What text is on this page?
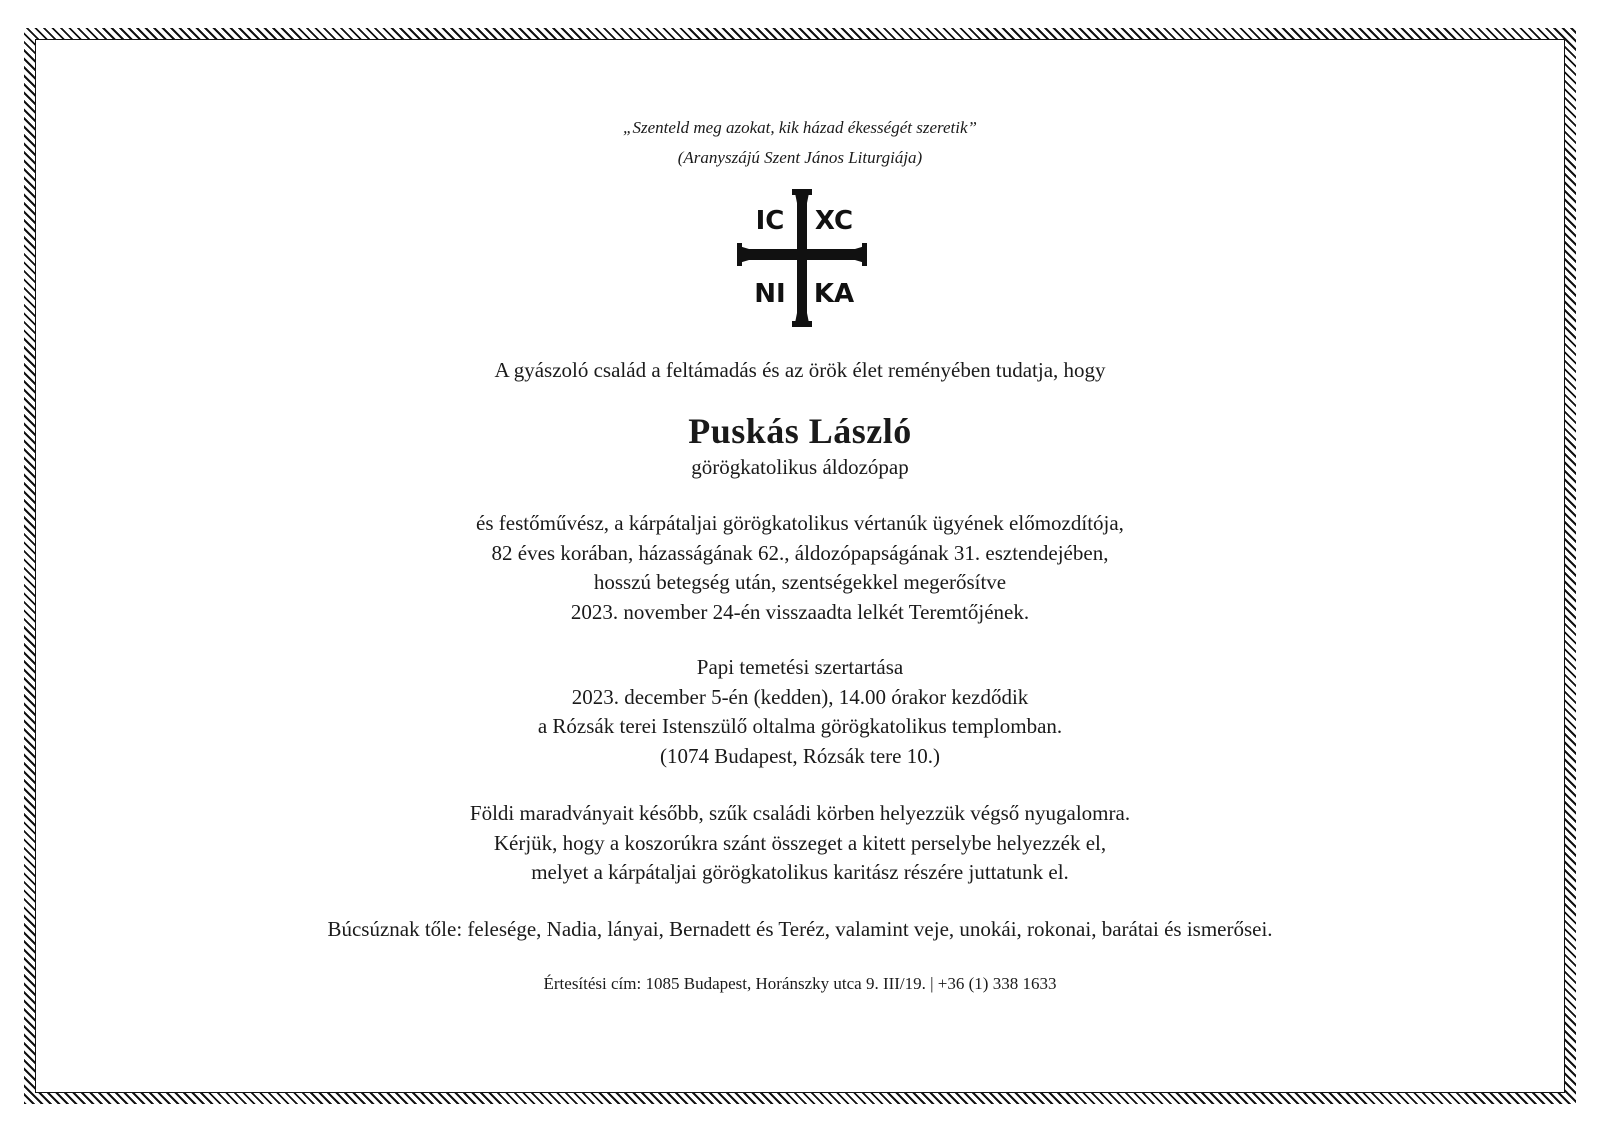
„Szenteld meg azokat, kik házad ékességét szeretik”
(Aranyszájú Szent János Liturgiája)
IC XC
NI KA
A gyászoló család a feltámadás és az örök élet reményében tudatja, hogy
Puskás László
görögkatolikus áldozópap
és festőművész, a kárpátaljai görögkatolikus vértanúk ügyének előmozdítója,
82 éves korában, házasságának 62., áldozópapságának 31. esztendejében,
hosszú betegség után, szentségekkel megerősítve
2023. november 24-én visszaadta lelkét Teremtőjének.
Papi temetési szertartása
2023. december 5-én (kedden), 14.00 órakor kezdődik
a Rózsák terei Istenszülő oltalma görögkatolikus templomban.
(1074 Budapest, Rózsák tere 10.)
Földi maradványait később, szűk családi körben helyezzük végső nyugalomra.
Kérjük, hogy a koszorúkra szánt összeget a kitett perselybe helyezzék el,
melyet a kárpátaljai görögkatolikus karitász részére juttatunk el.
Búcsúznak tőle: felesége, Nadia, lányai, Bernadett és Teréz, valamint veje, unokái, rokonai, barátai és ismerősei.
Értesítési cím: 1085 Budapest, Horánszky utca 9. III/19. | +36 (1) 338 1633
